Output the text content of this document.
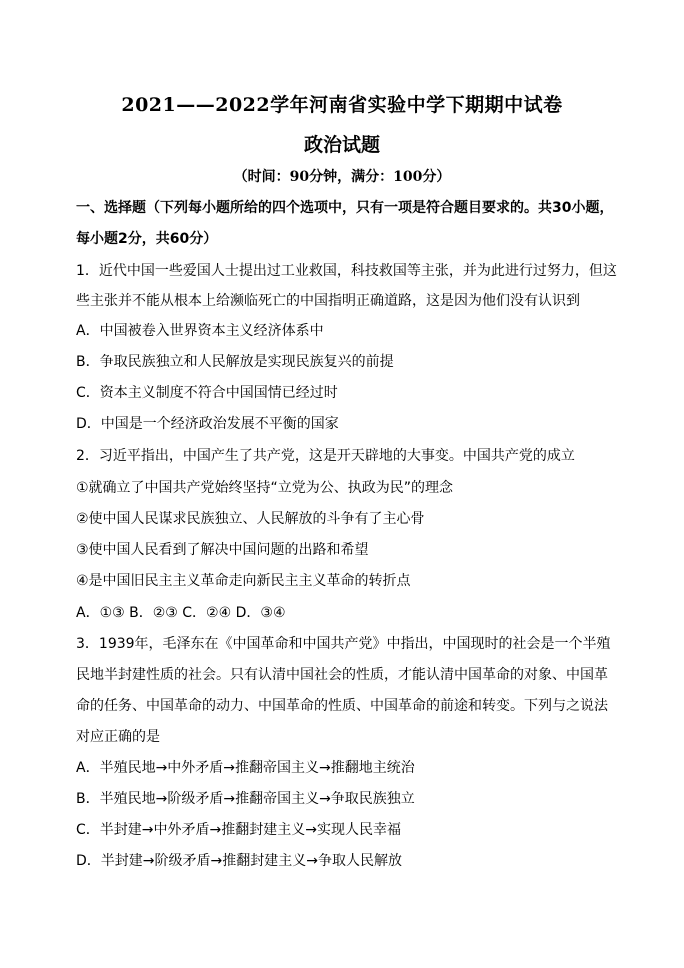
2021——2022学年河南省实验中学下期期中试卷
政治试题
（时间：90分钟，满分：100分）
一、选择题（下列每小题所给的四个选项中，只有一项是符合题目要求的。共30小题，
每小题2分，共60分）
1．近代中国一些爱国人士提出过工业救国，科技救国等主张，并为此进行过努力，但这
些主张并不能从根本上给濒临死亡的中国指明正确道路，这是因为他们没有认识到
A．中国被卷入世界资本主义经济体系中
B．争取民族独立和人民解放是实现民族复兴的前提
C．资本主义制度不符合中国国情已经过时
D．中国是一个经济政治发展不平衡的国家
2．习近平指出，中国产生了共产党，这是开天辟地的大事变。中国共产党的成立
①就确立了中国共产党始终坚持“立党为公、执政为民”的理念
②使中国人民谋求民族独立、人民解放的斗争有了主心骨
③使中国人民看到了解决中国问题的出路和希望
④是中国旧民主主义革命走向新民主主义革命的转折点
A．①③ B．②③ C．②④ D．③④
3．1939年，毛泽东在《中国革命和中国共产党》中指出，中国现时的社会是一个半殖
民地半封建性质的社会。只有认清中国社会的性质，才能认清中国革命的对象、中国革
命的任务、中国革命的动力、中国革命的性质、中国革命的前途和转变。下列与之说法
对应正确的是
A．半殖民地→中外矛盾→推翻帝国主义→推翻地主统治
B．半殖民地→阶级矛盾→推翻帝国主义→争取民族独立
C．半封建→中外矛盾→推翻封建主义→实现人民幸福
D．半封建→阶级矛盾→推翻封建主义→争取人民解放
